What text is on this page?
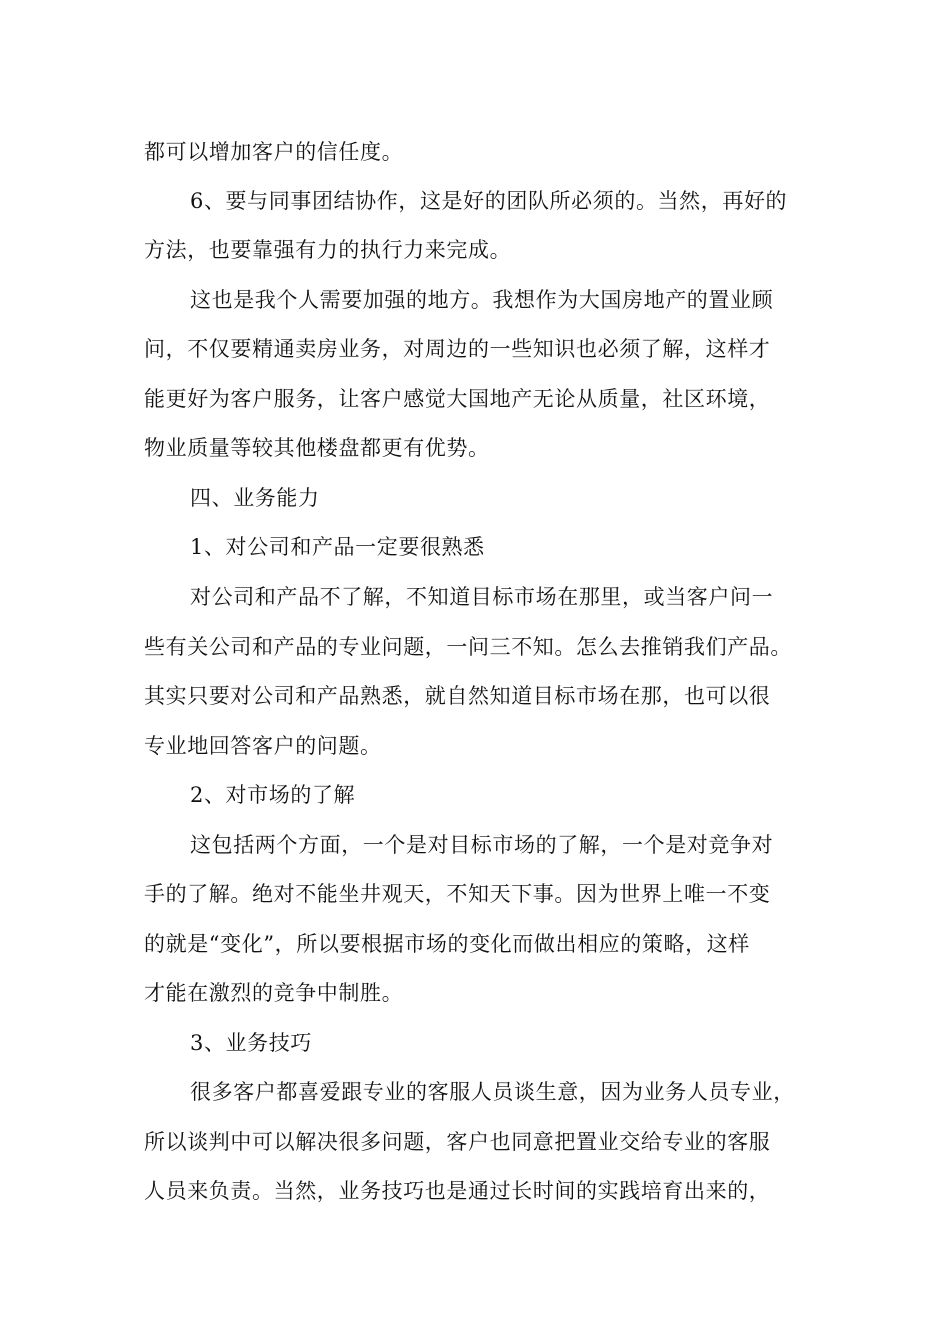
都可以增加客户的信任度。
6、要与同事团结协作，这是好的团队所必须的。当然，再好的
方法，也要靠强有力的执行力来完成。
这也是我个人需要加强的地方。我想作为大国房地产的置业顾
问，不仅要精通卖房业务，对周边的一些知识也必须了解，这样才
能更好为客户服务，让客户感觉大国地产无论从质量，社区环境，
物业质量等较其他楼盘都更有优势。
四、业务能力
1、对公司和产品一定要很熟悉
对公司和产品不了解，不知道目标市场在那里，或当客户问一
些有关公司和产品的专业问题，一问三不知。怎么去推销我们产品。
其实只要对公司和产品熟悉，就自然知道目标市场在那，也可以很
专业地回答客户的问题。
2、对市场的了解
这包括两个方面，一个是对目标市场的了解，一个是对竞争对
手的了解。绝对不能坐井观天，不知天下事。因为世界上唯一不变
的就是“变化”，所以要根据市场的变化而做出相应的策略，这样
才能在激烈的竞争中制胜。
3、业务技巧
很多客户都喜爱跟专业的客服人员谈生意，因为业务人员专业，
所以谈判中可以解决很多问题，客户也同意把置业交给专业的客服
人员来负责。当然，业务技巧也是通过长时间的实践培育出来的，
